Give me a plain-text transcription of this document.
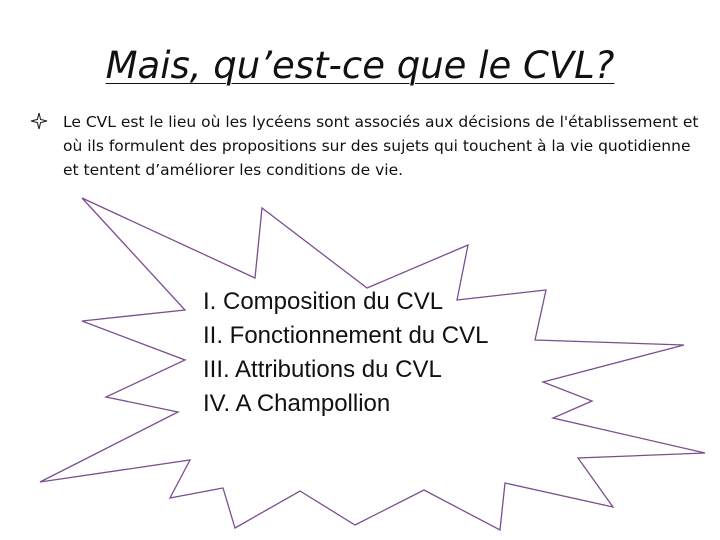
Mais, qu’est-ce que le CVL?

Le CVL est le lieu où les lycéens sont associés aux décisions de l'établissement et où ils formulent des propositions sur des sujets qui touchent à la vie quotidienne et tentent d’améliorer les conditions de vie.

I. Composition du CVL
II. Fonctionnement du CVL
III. Attributions du CVL
IV. A Champollion
